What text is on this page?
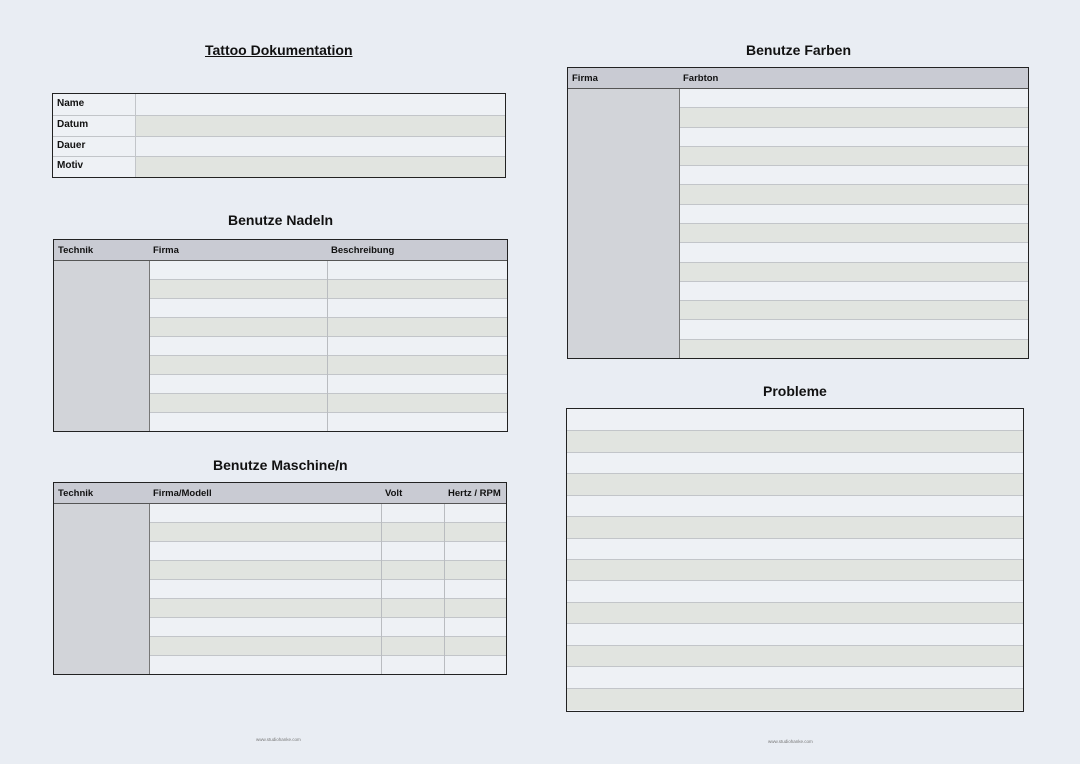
Tattoo Dokumentation
Benutze Nadeln
Benutze Maschine/n
Benutze Farben
Probleme
Name
Datum
Dauer
Motiv
Technik	Firma	Beschreibung
Technik	Firma/Modell	Volt	Hertz / RPM
Firma	Farbton
www.studiohanke.com	www.studiohanke.com
